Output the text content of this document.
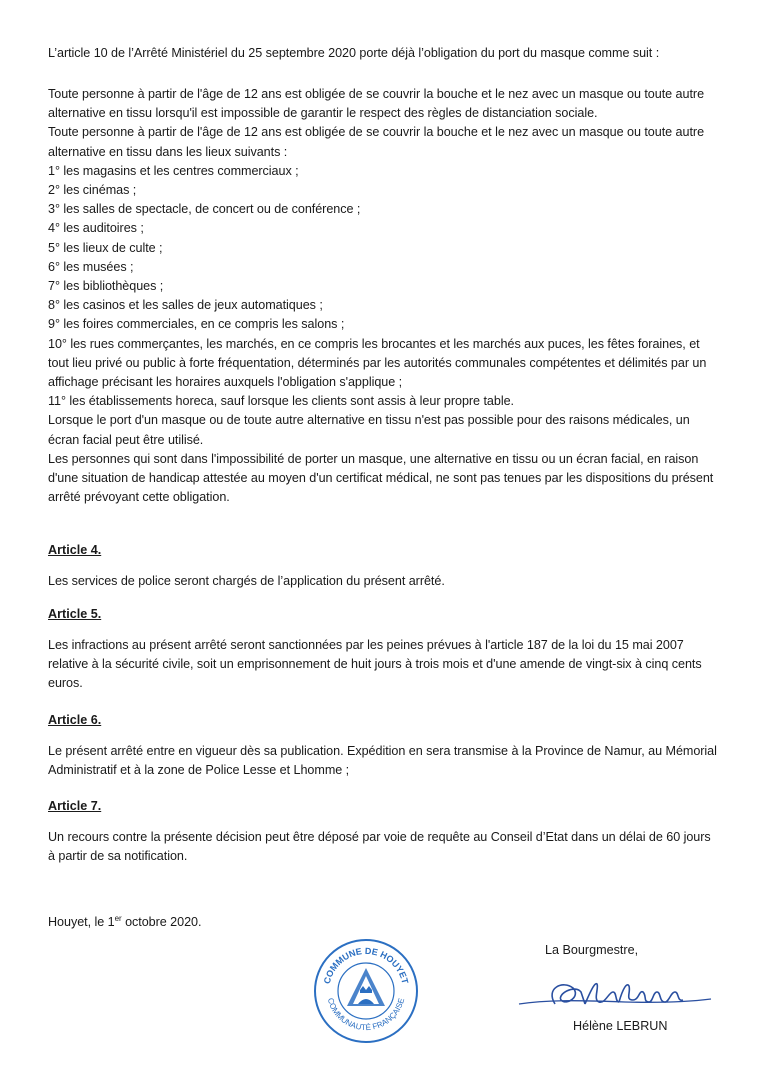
L’article 10 de l’Arrêté Ministériel du 25 septembre 2020 porte déjà l’obligation du port du masque comme suit :

Toute personne à partir de l'âge de 12 ans est obligée de se couvrir la bouche et le nez avec un masque ou toute autre alternative en tissu lorsqu'il est impossible de garantir le respect des règles de distanciation sociale.

Toute personne à partir de l'âge de 12 ans est obligée de se couvrir la bouche et le nez avec un masque ou toute autre alternative en tissu dans les lieux suivants :

1° les magasins et les centres commerciaux ;

2° les cinémas ;

3° les salles de spectacle, de concert ou de conférence ;

4° les auditoires ;

5° les lieux de culte ;

6° les musées ;

7° les bibliothèques ;

8° les casinos et les salles de jeux automatiques ;

9° les foires commerciales, en ce compris les salons ;

10° les rues commerçantes, les marchés, en ce compris les brocantes et les marchés aux puces, les fêtes foraines, et tout lieu privé ou public à forte fréquentation, déterminés par les autorités communales compétentes et délimités par un affichage précisant les horaires auxquels l'obligation s'applique ;

11° les établissements horeca, sauf lorsque les clients sont assis à leur propre table.

Lorsque le port d'un masque ou de toute autre alternative en tissu n'est pas possible pour des raisons médicales, un écran facial peut être utilisé.

Les personnes qui sont dans l'impossibilité de porter un masque, une alternative en tissu ou un écran facial, en raison d'une situation de handicap attestée au moyen d'un certificat médical, ne sont pas tenues par les dispositions du présent arrêté prévoyant cette obligation.

Article 4.

Les services de police seront chargés de l’application du présent arrêté.

Article 5.

Les infractions au présent arrêté seront sanctionnées par les peines prévues à l'article 187 de la loi du 15 mai 2007 relative à la sécurité civile, soit un emprisonnement de huit jours à trois mois et d'une amende de vingt-six à cinq cents euros.

Article 6.

Le présent arrêté entre en vigueur dès sa publication. Expédition en sera transmise à la Province de Namur, au Mémorial Administratif et à la zone de Police Lesse et Lhomme ;

Article 7.

Un recours contre la présente décision peut être déposé par voie de requête au Conseil d’Etat dans un délai de 60 jours à partir de sa notification.

Houyet, le 1er octobre 2020.
COMMUNE DE HOUYET
COMMUNAUTÉ FRANÇAISE
La Bourgmestre,
Hélène LEBRUN
